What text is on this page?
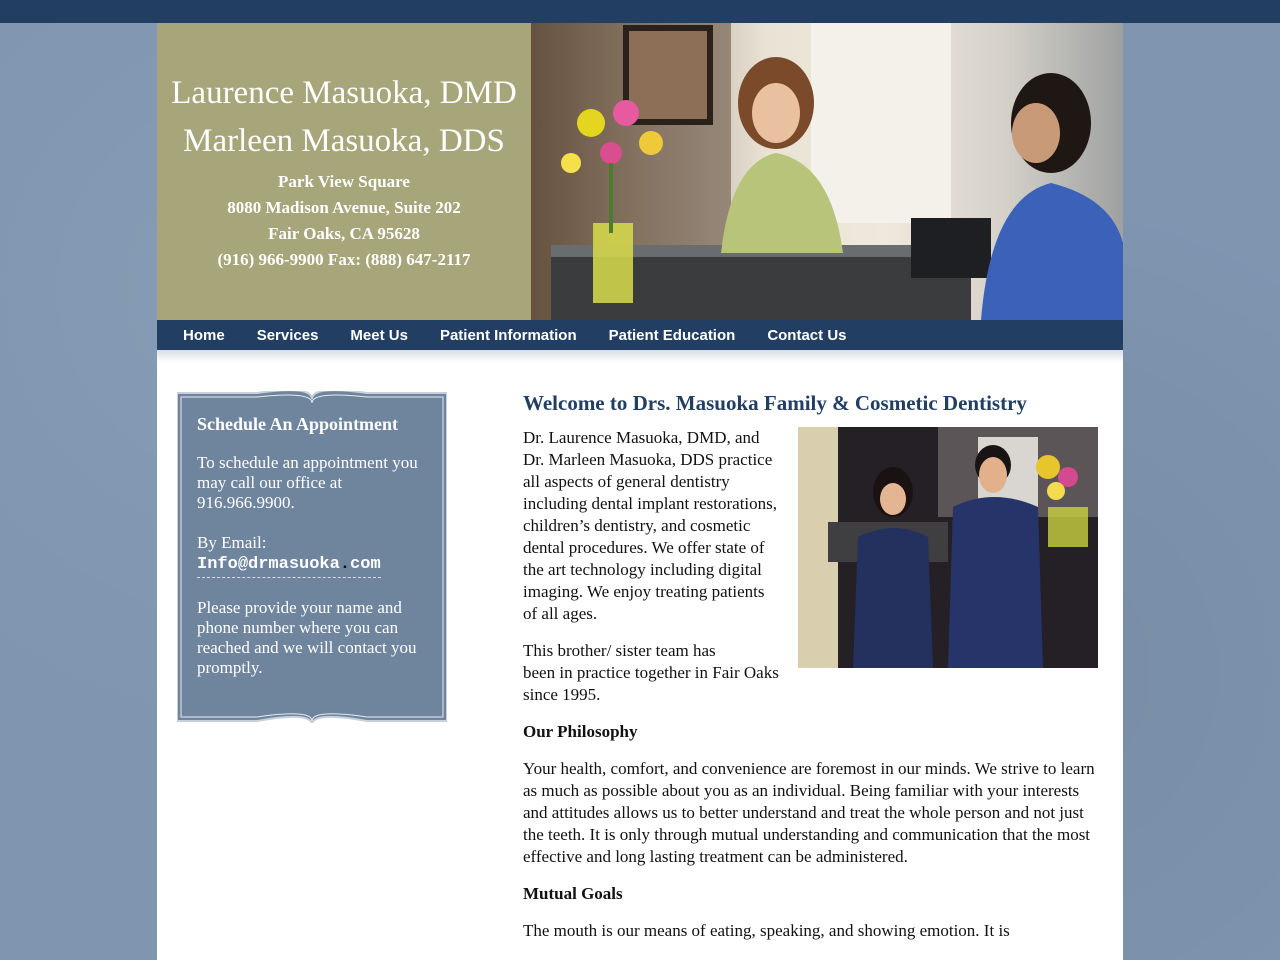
Laurence Masuoka, DMD
Marleen Masuoka, DDS
Park View Square
8080 Madison Avenue, Suite 202
Fair Oaks, CA 95628
(916) 966-9900 Fax: (888) 647-2117
Home	Services	Meet Us	Patient Information	Patient Education	Contact Us
Schedule An Appointment

To schedule an appointment you may call our office at 916.966.9900.

By Email:
Info@drmasuoka.com

Please provide your name and phone number where you can reached and we will contact you promptly.

Welcome to Drs. Masuoka Family & Cosmetic Dentistry

Dr. Laurence Masuoka, DMD, and Dr. Marleen Masuoka, DDS practice all aspects of general dentistry including dental implant restorations, children’s dentistry, and cosmetic dental procedures. We offer state of the art technology including digital imaging. We enjoy treating patients of all ages.

This brother/ sister team has
been in practice together in Fair Oaks since 1995.

Our Philosophy

Your health, comfort, and convenience are foremost in our minds. We strive to learn as much as possible about you as an individual. Being familiar with your interests and attitudes allows us to better understand and treat the whole person and not just the teeth. It is only through mutual understanding and communication that the most effective and long lasting treatment can be administered.

Mutual Goals

The mouth is our means of eating, speaking, and showing emotion. It is
